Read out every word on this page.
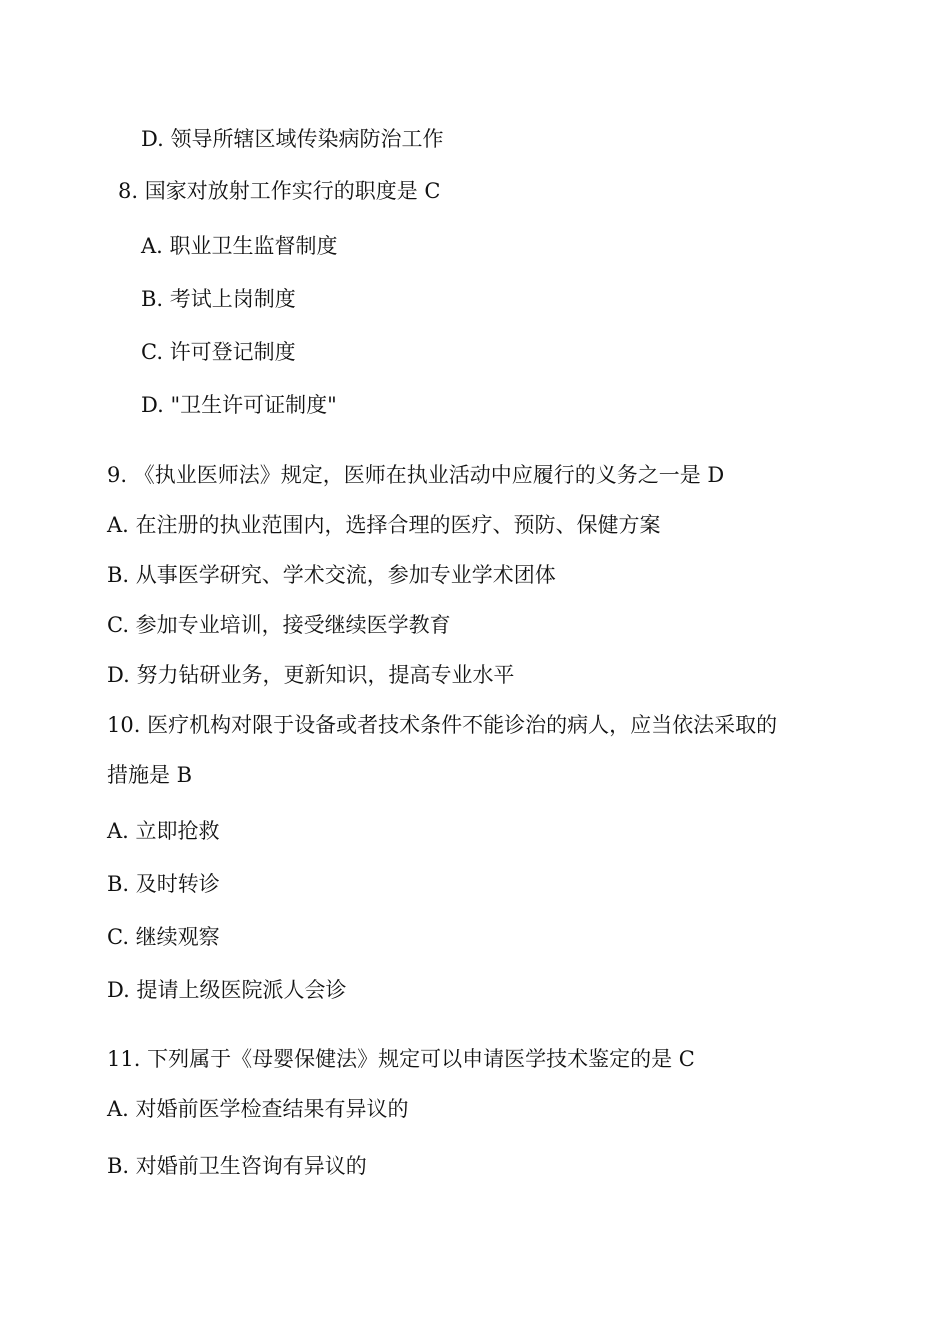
D. 领导所辖区域传染病防治工作
8. 国家对放射工作实行的职度是 C
A. 职业卫生监督制度
B. 考试上岗制度
C. 许可登记制度
D. "卫生许可证制度"
9. 《执业医师法》规定，医师在执业活动中应履行的义务之一是 D
A. 在注册的执业范围内，选择合理的医疗、预防、保健方案
B. 从事医学研究、学术交流，参加专业学术团体
C. 参加专业培训，接受继续医学教育
D. 努力钻研业务，更新知识，提高专业水平
10. 医疗机构对限于设备或者技术条件不能诊治的病人，应当依法采取的
措施是 B
A. 立即抢救
B. 及时转诊
C. 继续观察
D. 提请上级医院派人会诊
11. 下列属于《母婴保健法》规定可以申请医学技术鉴定的是 C
A. 对婚前医学检查结果有异议的
B. 对婚前卫生咨询有异议的
